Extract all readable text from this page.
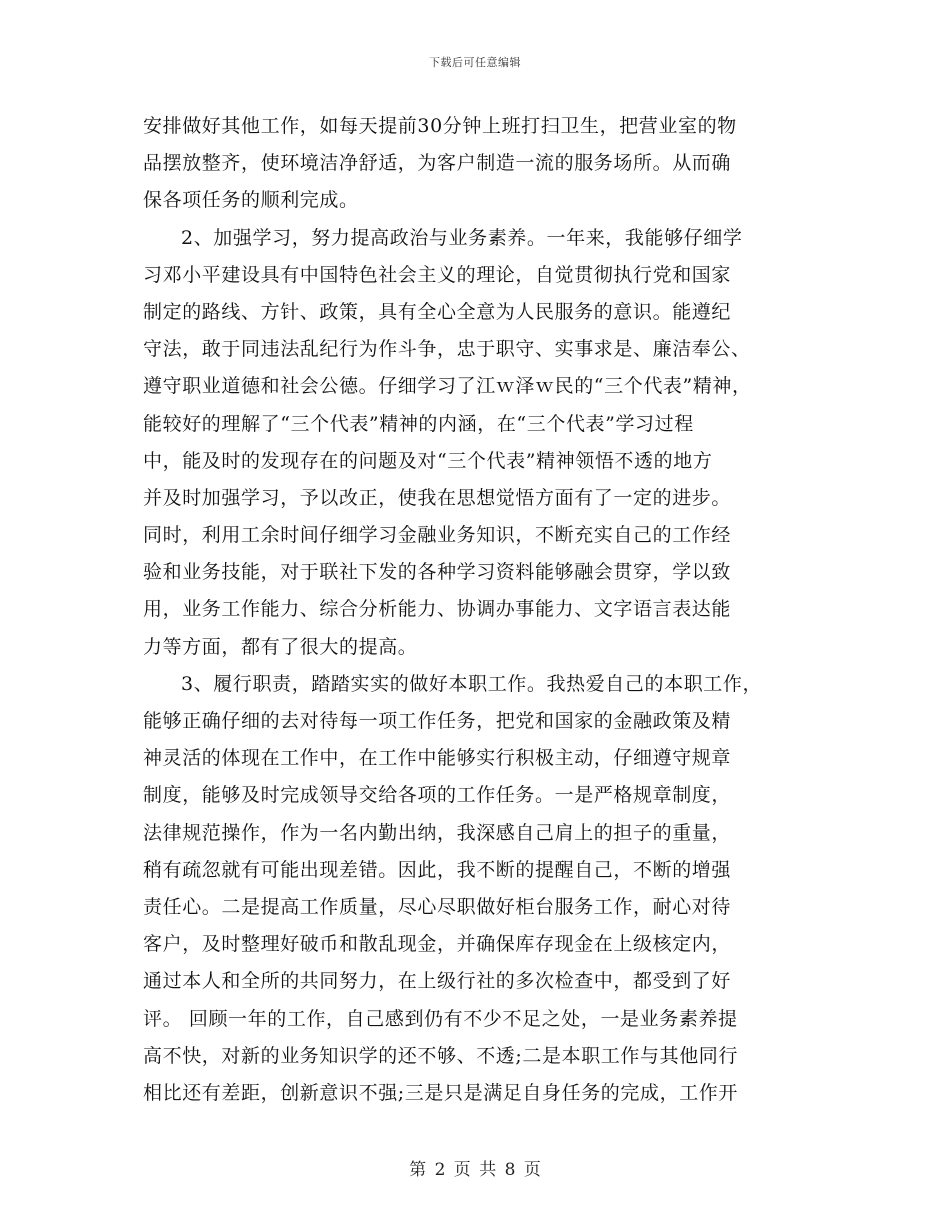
下载后可任意编辑
安排做好其他工作，如每天提前30分钟上班打扫卫生，把营业室的物
品摆放整齐，使环境洁净舒适，为客户制造一流的服务场所。从而确
保各项任务的顺利完成。
2、加强学习，努力提高政治与业务素养。一年来，我能够仔细学
习邓小平建设具有中国特色社会主义的理论，自觉贯彻执行党和国家
制定的路线、方针、政策，具有全心全意为人民服务的意识。能遵纪
守法，敢于同违法乱纪行为作斗争，忠于职守、实事求是、廉洁奉公、
遵守职业道德和社会公德。仔细学习了江ｗ泽ｗ民的“三个代表”精神，
能较好的理解了“三个代表”精神的内涵，在“三个代表”学习过程
中，能及时的发现存在的问题及对“三个代表”精神领悟不透的地方
并及时加强学习，予以改正，使我在思想觉悟方面有了一定的进步。
同时，利用工余时间仔细学习金融业务知识，不断充实自己的工作经
验和业务技能，对于联社下发的各种学习资料能够融会贯穿，学以致
用，业务工作能力、综合分析能力、协调办事能力、文字语言表达能
力等方面，都有了很大的提高。
3、履行职责，踏踏实实的做好本职工作。我热爱自己的本职工作，
能够正确仔细的去对待每一项工作任务，把党和国家的金融政策及精
神灵活的体现在工作中，在工作中能够实行积极主动，仔细遵守规章
制度，能够及时完成领导交给各项的工作任务。一是严格规章制度，
法律规范操作，作为一名内勤出纳，我深感自己肩上的担子的重量，
稍有疏忽就有可能出现差错。因此，我不断的提醒自己，不断的增强
责任心。二是提高工作质量，尽心尽职做好柜台服务工作，耐心对待
客户，及时整理好破币和散乱现金，并确保库存现金在上级核定内，
通过本人和全所的共同努力，在上级行社的多次检查中，都受到了好
评。 回顾一年的工作，自己感到仍有不少不足之处，一是业务素养提
高不快，对新的业务知识学的还不够、不透;二是本职工作与其他同行
相比还有差距，创新意识不强;三是只是满足自身任务的完成，工作开
第 2 页 共 8 页
